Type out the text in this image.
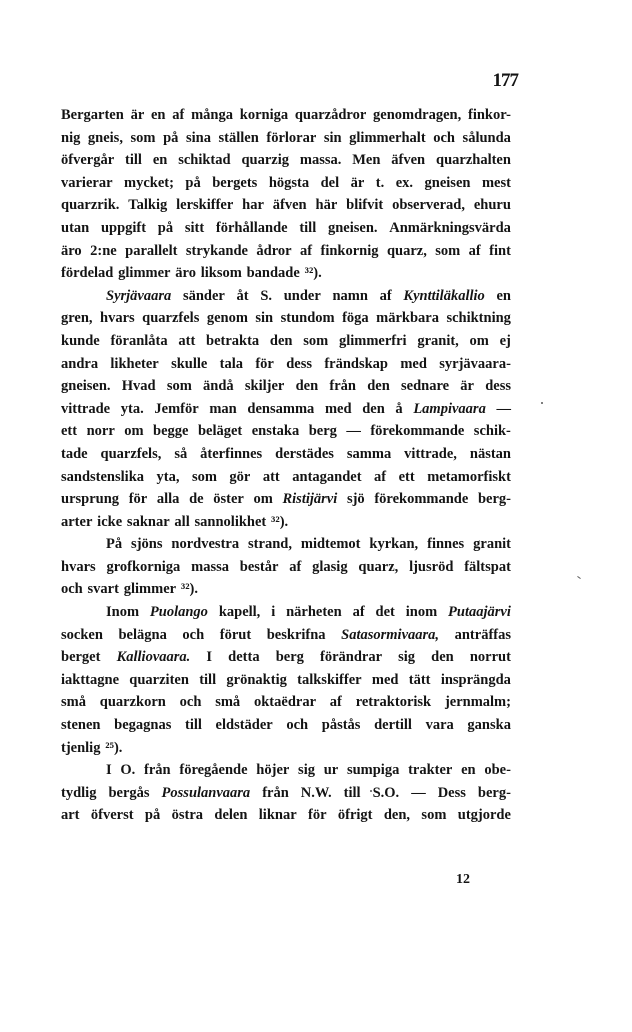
177
Bergarten är en af många korniga quarzådror genomdragen, finkor-
nig gneis, som på sina ställen förlorar sin glimmerhalt och sålunda
öfvergår till en schiktad quarzig massa. Men äfven quarzhalten
varierar mycket; på bergets högsta del är t. ex. gneisen mest
quarzrik. Talkig lerskiffer har äfven här blifvit observerad, ehuru
utan uppgift på sitt förhållande till gneisen. Anmärkningsvärda
äro 2:ne parallelt strykande ådror af finkornig quarz, som af fint
fördelad glimmer äro liksom bandade ³²).
Syrjävaara sänder åt S. under namn af Kynttiläkallio en
gren, hvars quarzfels genom sin stundom föga märkbara schiktning
kunde föranlåta att betrakta den som glimmerfri granit, om ej
andra likheter skulle tala för dess frändskap med syrjävaara-
gneisen. Hvad som ändå skiljer den från den sednare är dess
vittrade yta. Jemför man densamma med den å Lampivaara —
ett norr om begge beläget enstaka berg — förekommande schik-
tade quarzfels, så återfinnes derstädes samma vittrade, nästan
sandstenslika yta, som gör att antagandet af ett metamorfiskt
ursprung för alla de öster om Ristijärvi sjö förekommande berg-
arter icke saknar all sannolikhet ³²).
På sjöns nordvestra strand, midtemot kyrkan, finnes granit
hvars grofkorniga massa består af glasig quarz, ljusröd fältspat
och svart glimmer ³²).
Inom Puolango kapell, i närheten af det inom Putaajärvi
socken belägna och förut beskrifna Satasormivaara, anträffas
berget Kalliovaara. I detta berg förändrar sig den norrut
iakttagne quarziten till grönaktig talkskiffer med tätt insprängda
små quarzkorn och små oktaëdrar af retraktorisk jernmalm;
stenen begagnas till eldstäder och påstås dertill vara ganska
tjenlig ²⁵).
I O. från föregående höjer sig ur sumpiga trakter en obe-
tydlig bergås Possulanvaara från N.W. till S.O. — Dess berg-
art öfverst på östra delen liknar för öfrigt den, som utgjorde
12
